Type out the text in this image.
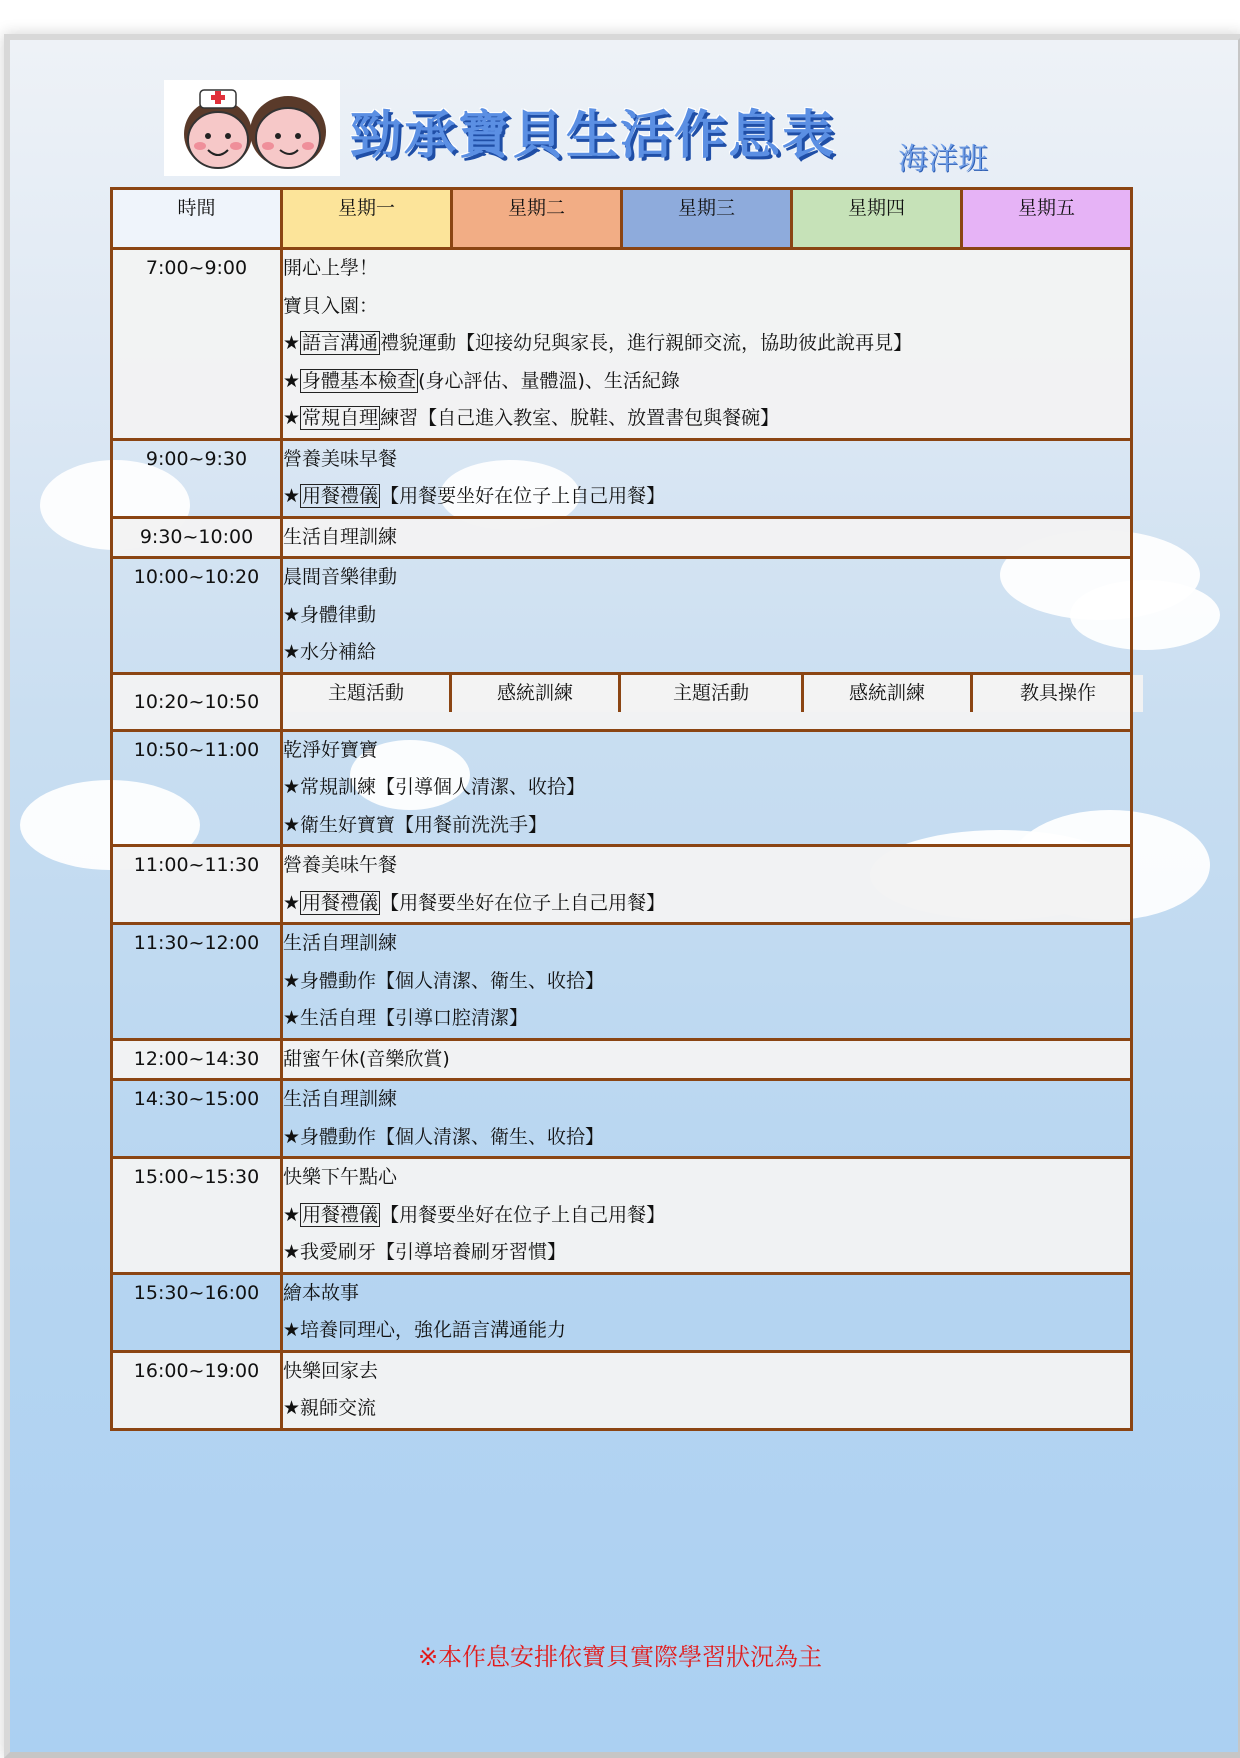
勁承寶貝生活作息表 海洋班
時間	星期一	星期二	星期三	星期四	星期五
7:00~9:00	開心上學！
寶貝入園：
★ 語言溝通 禮貌運動【迎接幼兒與家長，進行親師交流，協助彼此說再見】
★ 身體基本檢查 (身心評估、量體溫)、生活紀錄
★ 常規自理 練習【自己進入教室、脫鞋、放置書包與餐碗】

9:00~9:30	營養美味早餐
★ 用餐禮儀 【用餐要坐好在位子上自己用餐】

9:30~10:00	生活自理訓練

10:00~10:20	晨間音樂律動
★身體律動
★水分補給

10:20~10:50		主題活動	感統訓練	主題活動	感統訓練	教具操作

10:50~11:00	乾淨好寶寶
★常規訓練【引導個人清潔、收拾】
★衛生好寶寶【用餐前洗洗手】

11:00~11:30	營養美味午餐
★ 用餐禮儀 【用餐要坐好在位子上自己用餐】

11:30~12:00	生活自理訓練
★身體動作【個人清潔、衛生、收拾】
★生活自理【引導口腔清潔】

12:00~14:30	甜蜜午休(音樂欣賞)

14:30~15:00	生活自理訓練
★身體動作【個人清潔、衛生、收拾】

15:00~15:30	快樂下午點心
★ 用餐禮儀 【用餐要坐好在位子上自己用餐】
★我愛刷牙【引導培養刷牙習慣】

15:30~16:00	繪本故事
★培養同理心，強化語言溝通能力

16:00~19:00	快樂回家去
★親師交流
※本作息安排依寶貝實際學習狀況為主
